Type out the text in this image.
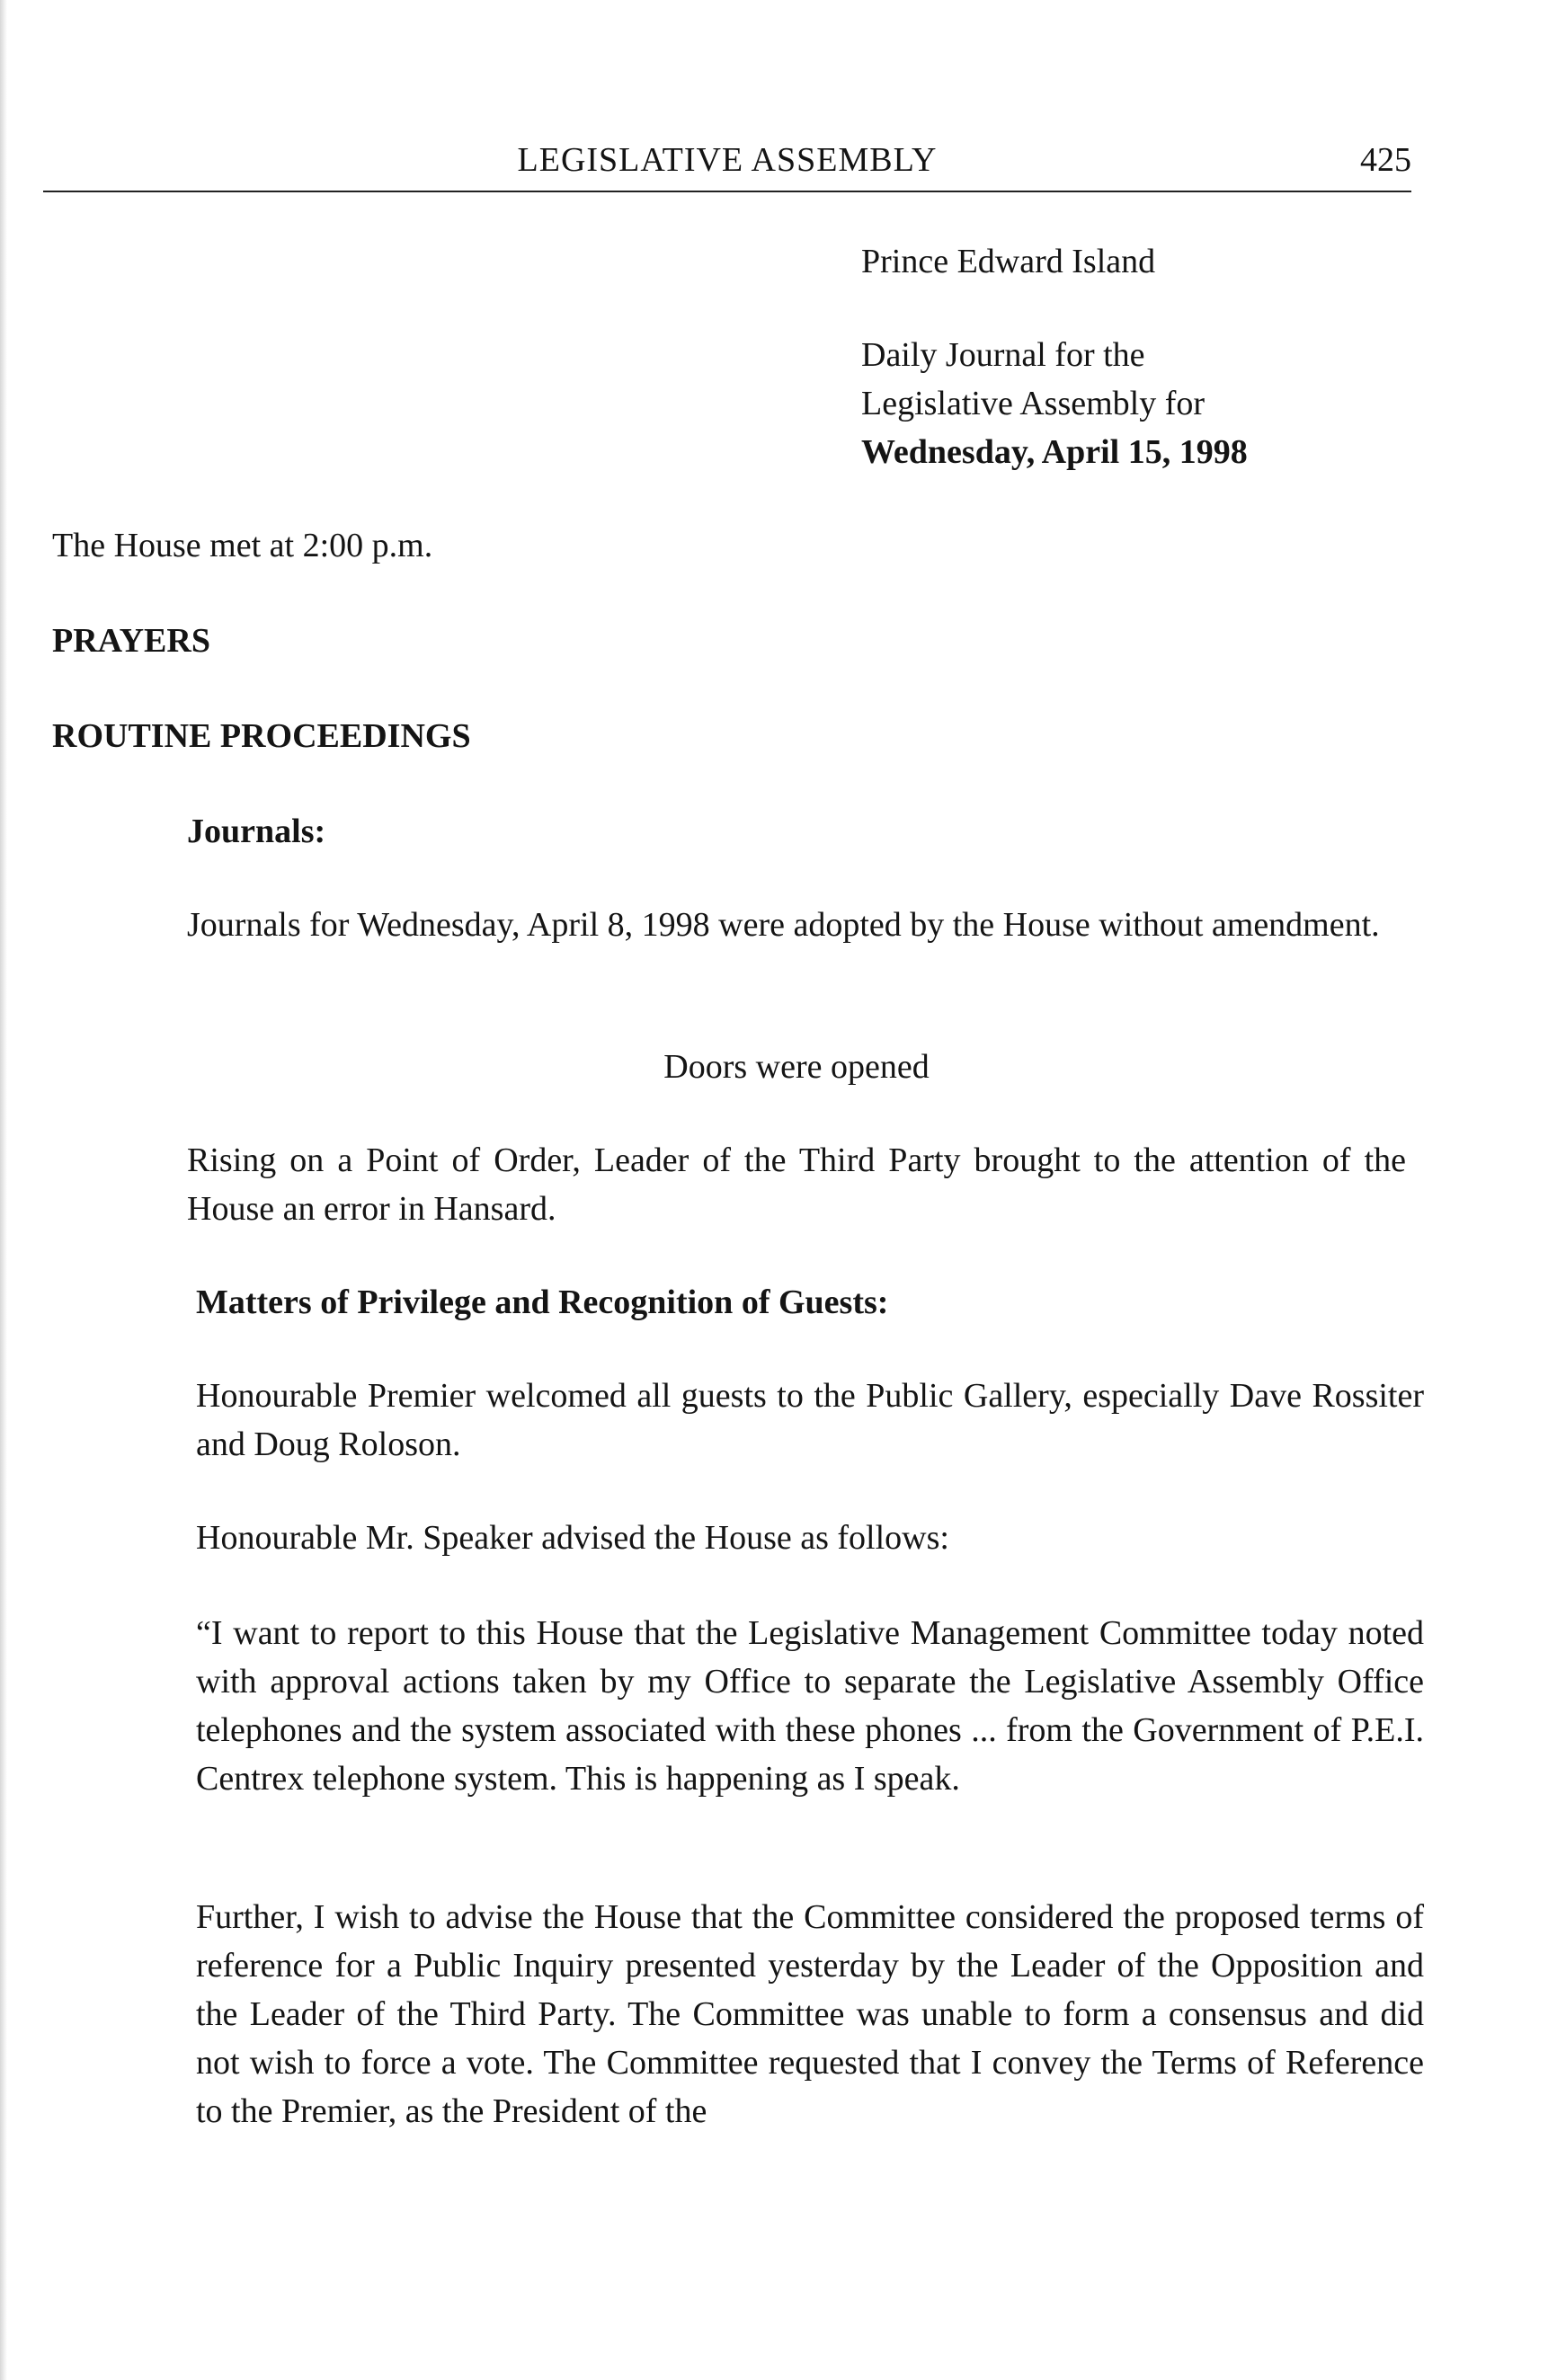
LEGISLATIVE ASSEMBLY	425

Prince Edward Island

Daily Journal for the

Legislative Assembly for

Wednesday, April 15, 1998

The House met at 2:00 p.m.

PRAYERS

ROUTINE PROCEEDINGS

Journals:

Journals for Wednesday, April 8, 1998 were adopted by the House without amendment.

Doors were opened

Rising on a Point of Order, Leader of the Third Party brought to the attention of the House an error in Hansard.

Matters of Privilege and Recognition of Guests:

Honourable Premier welcomed all guests to the Public Gallery, especially Dave Rossiter and Doug Roloson.

Honourable Mr. Speaker advised the House as follows:

“I want to report to this House that the Legislative Management Committee today noted with approval actions taken by my Office to separate the Legislative Assembly Office telephones and the system associated with these phones ... from the Government of P.E.I. Centrex telephone system. This is happening as I speak.

Further, I wish to advise the House that the Committee considered the proposed terms of reference for a Public Inquiry presented yesterday by the Leader of the Opposition and the Leader of the Third Party. The Committee was unable to form a consensus and did not wish to force a vote. The Committee requested that I convey the Terms of Reference to the Premier, as the President of the
